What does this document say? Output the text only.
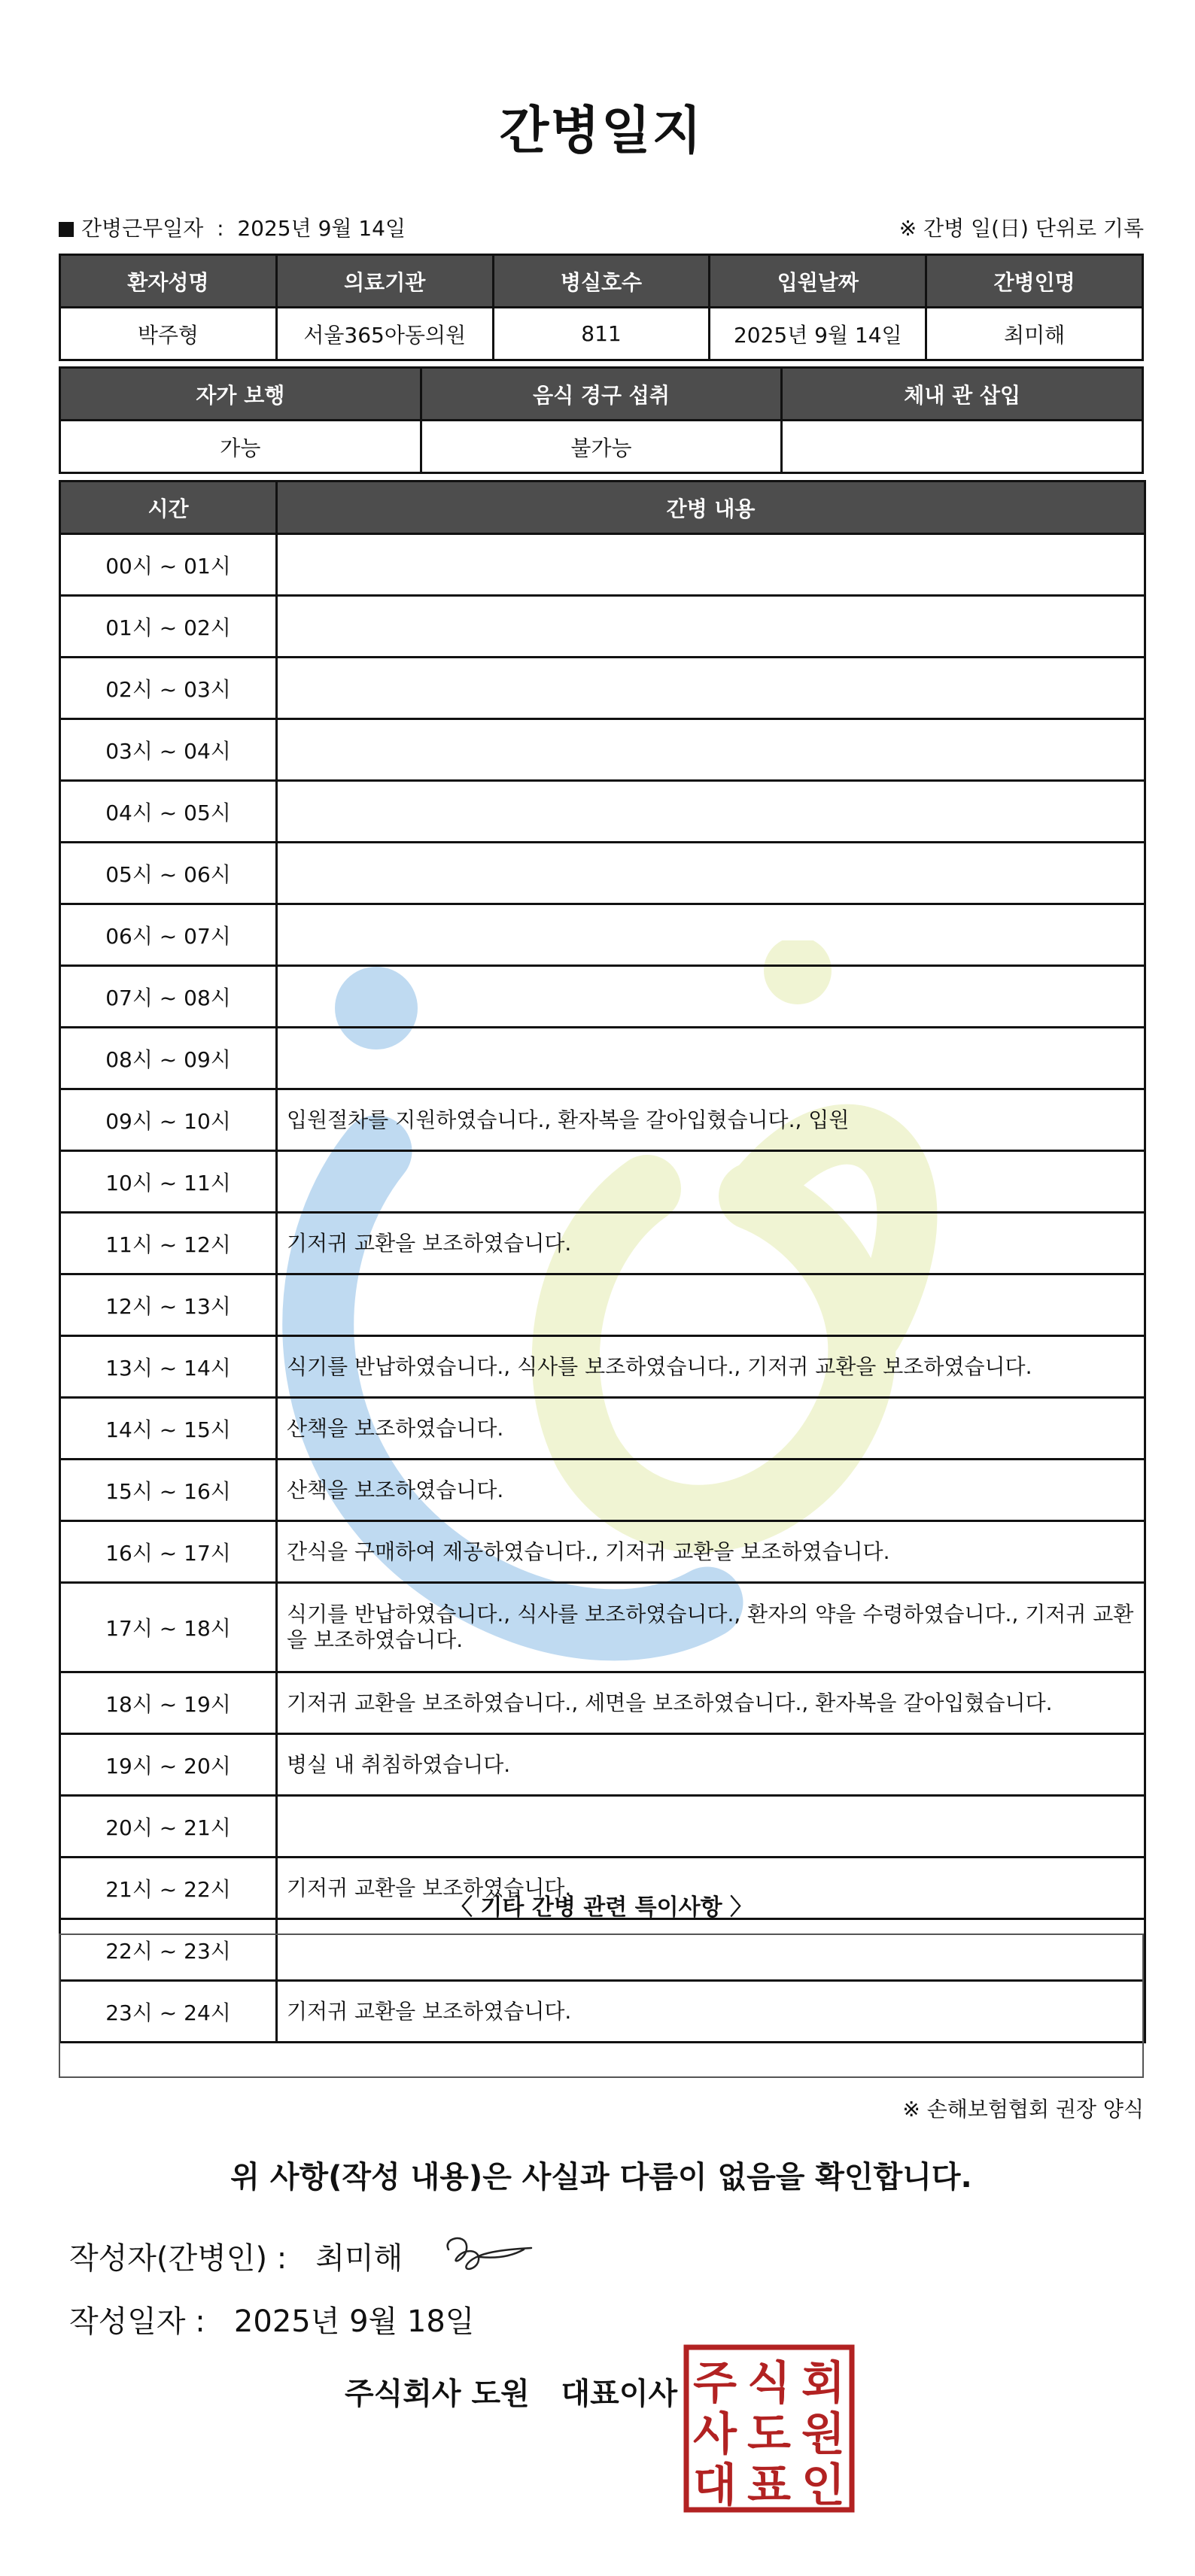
간병일지
간병근무일자 : 2025년 9월 14일	※ 간병 일(日) 단위로 기록
환자성명	의료기관	병실호수	입원날짜	간병인명
박주형	서울365아동의원	811	2025년 9월 14일	최미해
자가 보행	음식 경구 섭취	체내 관 삽입
가능	불가능	
시간	간병 내용
00시 ~ 01시	
01시 ~ 02시	
02시 ~ 03시	
03시 ~ 04시	
04시 ~ 05시	
05시 ~ 06시	
06시 ~ 07시	
07시 ~ 08시	
08시 ~ 09시	
09시 ~ 10시	입원절차를 지원하였습니다., 환자복을 갈아입혔습니다., 입원
10시 ~ 11시	
11시 ~ 12시	기저귀 교환을 보조하였습니다.
12시 ~ 13시	
13시 ~ 14시	식기를 반납하였습니다., 식사를 보조하였습니다., 기저귀 교환을 보조하였습니다.
14시 ~ 15시	산책을 보조하였습니다.
15시 ~ 16시	산책을 보조하였습니다.
16시 ~ 17시	간식을 구매하여 제공하였습니다., 기저귀 교환을 보조하였습니다.
17시 ~ 18시	식기를 반납하였습니다., 식사를 보조하였습니다., 환자의 약을 수령하였습니다., 기저귀 교환을 보조하였습니다.
18시 ~ 19시	기저귀 교환을 보조하였습니다., 세면을 보조하였습니다., 환자복을 갈아입혔습니다.
19시 ~ 20시	병실 내 취침하였습니다.
20시 ~ 21시	
21시 ~ 22시	기저귀 교환을 보조하였습니다.
22시 ~ 23시	
23시 ~ 24시	기저귀 교환을 보조하였습니다.
〈 기타 간병 관련 특이사항 〉
※ 손해보험협회 권장 양식
위 사항(작성 내용)은 사실과 다름이 없음을 확인합니다.
작성자(간병인) : 최미해
작성일자 : 2025년 9월 18일
주식회사 도원 대표이사 주 식 회
사 도 원
대 표 인
